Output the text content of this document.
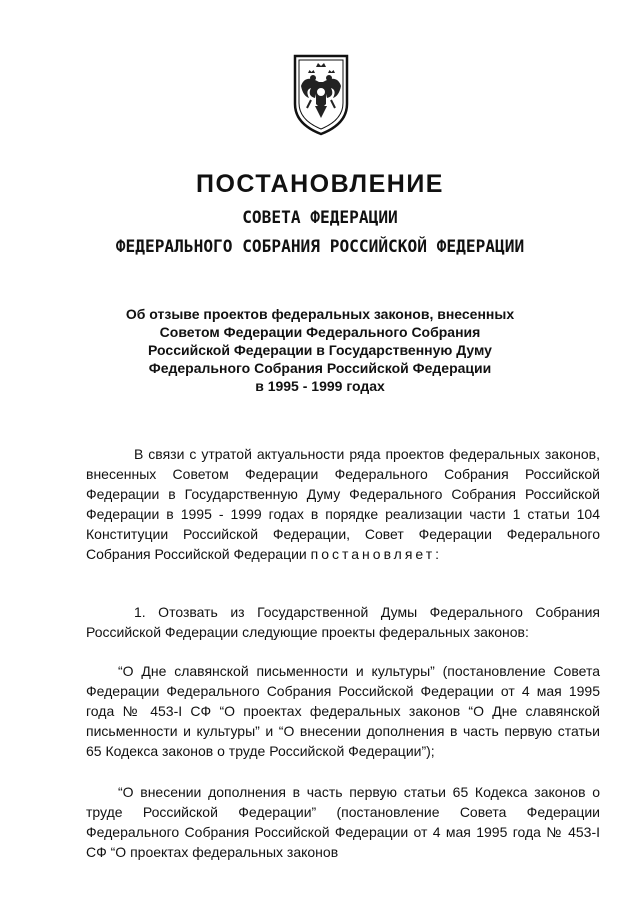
ПОСТАНОВЛЕНИЕ
СОВЕТА ФЕДЕРАЦИИ
ФЕДЕРАЛЬНОГО СОБРАНИЯ РОССИЙСКОЙ ФЕДЕРАЦИИ
Об отзыве проектов федеральных законов, внесенных
Советом Федерации Федерального Собрания
Российской Федерации в Государственную Думу
Федерального Собрания Российской Федерации
в 1995 - 1999 годах
В связи с утратой актуальности ряда проектов федеральных законов, внесенных Советом Федерации Федерального Собрания Российской Федерации в Государственную Думу Федерального Собрания Российской Федерации в 1995 - 1999 годах в порядке реализации части 1 статьи 104 Конституции Российской Федерации, Совет Федерации Федерального Собрания Российской Федерации постановляет:
1. Отозвать из Государственной Думы Федерального Собрания Российской Федерации следующие проекты федеральных законов:
“О Дне славянской письменности и культуры” (постановление Совета Федерации Федерального Собрания Российской Федерации от 4 мая 1995 года № 453-I СФ “О проектах федеральных законов “О Дне славянской письменности и культуры” и “О внесении дополнения в часть первую статьи 65 Кодекса законов о труде Российской Федерации”);
“О внесении дополнения в часть первую статьи 65 Кодекса законов о труде Российской Федерации” (постановление Совета Федерации Федерального Собрания Российской Федерации от 4 мая 1995 года № 453-I СФ “О проектах федеральных законов
